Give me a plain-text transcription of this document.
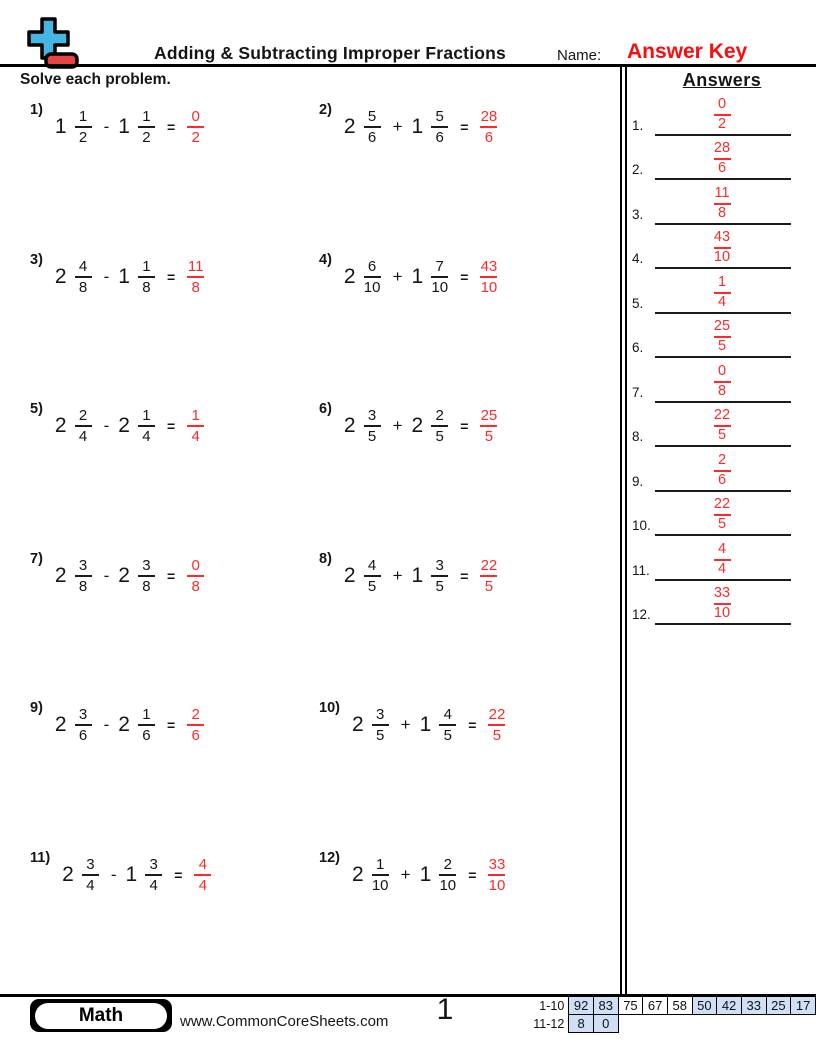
Adding & Subtracting Improper Fractions	Name: Answer Key
Solve each problem.
1)
$1 \frac{1}{2} - 1 \frac{1}{2} = \frac{0}{2}$	2)
$2 \frac{5}{6} + 1 \frac{5}{6} = \frac{28}{6}$
3)
$2 \frac{4}{8} - 1 \frac{1}{8} = \frac{11}{8}$	4)
$2 \frac{6}{10} + 1 \frac{7}{10} = \frac{43}{10}$
5)
$2 \frac{2}{4} - 2 \frac{1}{4} = \frac{1}{4}$	6)
$2 \frac{3}{5} + 2 \frac{2}{5} = \frac{25}{5}$
7)
$2 \frac{3}{8} - 2 \frac{3}{8} = \frac{0}{8}$	8)
$2 \frac{4}{5} + 1 \frac{3}{5} = \frac{22}{5}$
9)
$2 \frac{3}{6} - 2 \frac{1}{6} = \frac{2}{6}$	10)
$2 \frac{3}{5} + 1 \frac{4}{5} = \frac{22}{5}$
11)
$2 \frac{3}{4} - 1 \frac{3}{4} = \frac{4}{4}$	12)
$2 \frac{1}{10} + 1 \frac{2}{10} = \frac{33}{10}$
Answers
1.	$\frac{0}{2}$
2.	$\frac{28}{6}$
3.	$\frac{11}{8}$
4.	$\frac{43}{10}$
5.	$\frac{1}{4}$
6.	$\frac{25}{5}$
7.	$\frac{0}{8}$
8.	$\frac{22}{5}$
9.	$\frac{2}{6}$
10.	$\frac{22}{5}$
11.	$\frac{4}{4}$
12.	$\frac{33}{10}$
Math	www.CommonCoreSheets.com	1	1-10	92	83	75	67	58	50	42	33	25	17
11-12	8	0								
